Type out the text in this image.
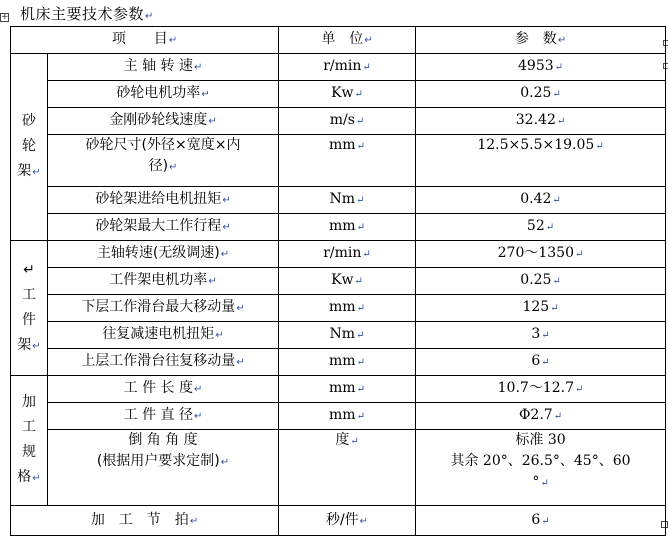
机床主要技术参数↵
+
项　　目↵		单　位↵	参　数↵
砂
轮
架↵	主 轴 转 速↵	r/min↵	4953↵
	砂轮电机功率↵	Kw↵	0.25↵
	金刚砂轮线速度↵	m/s↵	32.42↵
	砂轮尺寸(外径×宽度×内
径)↵	mm↵	12.5×5.5×19.05↵
	砂轮架进给电机扭矩↵	Nm↵	0.42↵
	砂轮架最大工作行程↵	mm↵	52↵
↵
工
件
架↵	主轴转速(无级调速)↵	r/min↵	270～1350↵
	工件架电机功率↵	Kw↵	0.25↵
	下层工作滑台最大移动量↵	mm↵	125↵
	往复减速电机扭矩↵	Nm↵	3↵
	上层工作滑台往复移动量↵	mm↵	6↵
加
工
规
格↵	工 件 长 度↵	mm↵	10.7～12.7↵
	工 件 直 径↵	mm↵	Φ2.7↵
	倒 角 角 度
(根据用户要求定制)↵	度↵	标准 30
其余 20°、26.5°、45°、60
°↵
加　工　节　拍↵		秒/件↵	6↵
